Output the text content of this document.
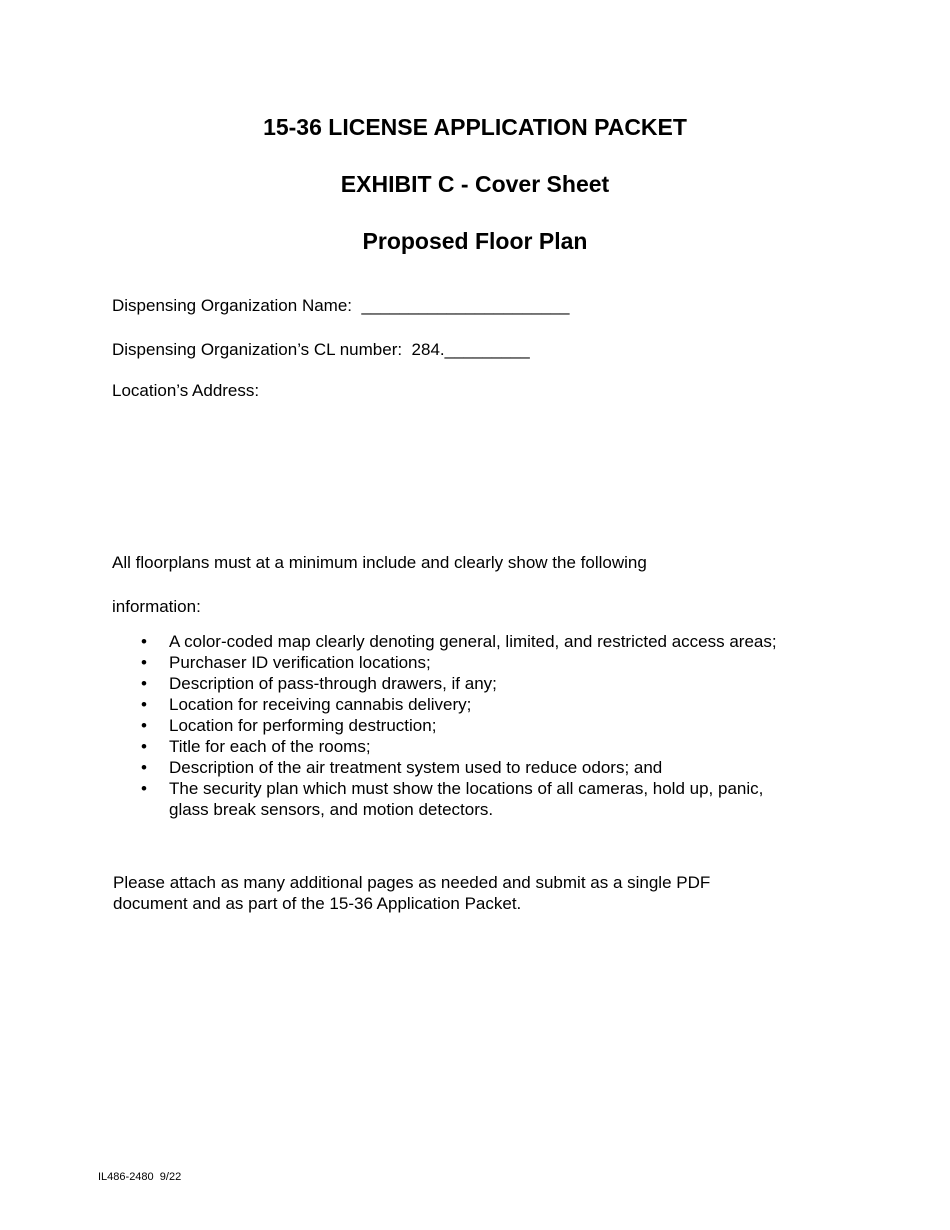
15-36 LICENSE APPLICATION PACKET
EXHIBIT C - Cover Sheet
Proposed Floor Plan
Dispensing Organization Name:  ______________________
Dispensing Organization’s CL number:  284._________
Location’s Address:

All floorplans must at a minimum include and clearly show the following

information:

• A color-coded map clearly denoting general, limited, and restricted access areas;
• Purchaser ID verification locations;
• Description of pass-through drawers, if any;
• Location for receiving cannabis delivery;
• Location for performing destruction;
• Title for each of the rooms;
• Description of the air treatment system used to reduce odors; and
• The security plan which must show the locations of all cameras, hold up, panic,
glass break sensors, and motion detectors.

Please attach as many additional pages as needed and submit as a single PDF
document and as part of the 15-36 Application Packet.

IL486-2480  9/22
